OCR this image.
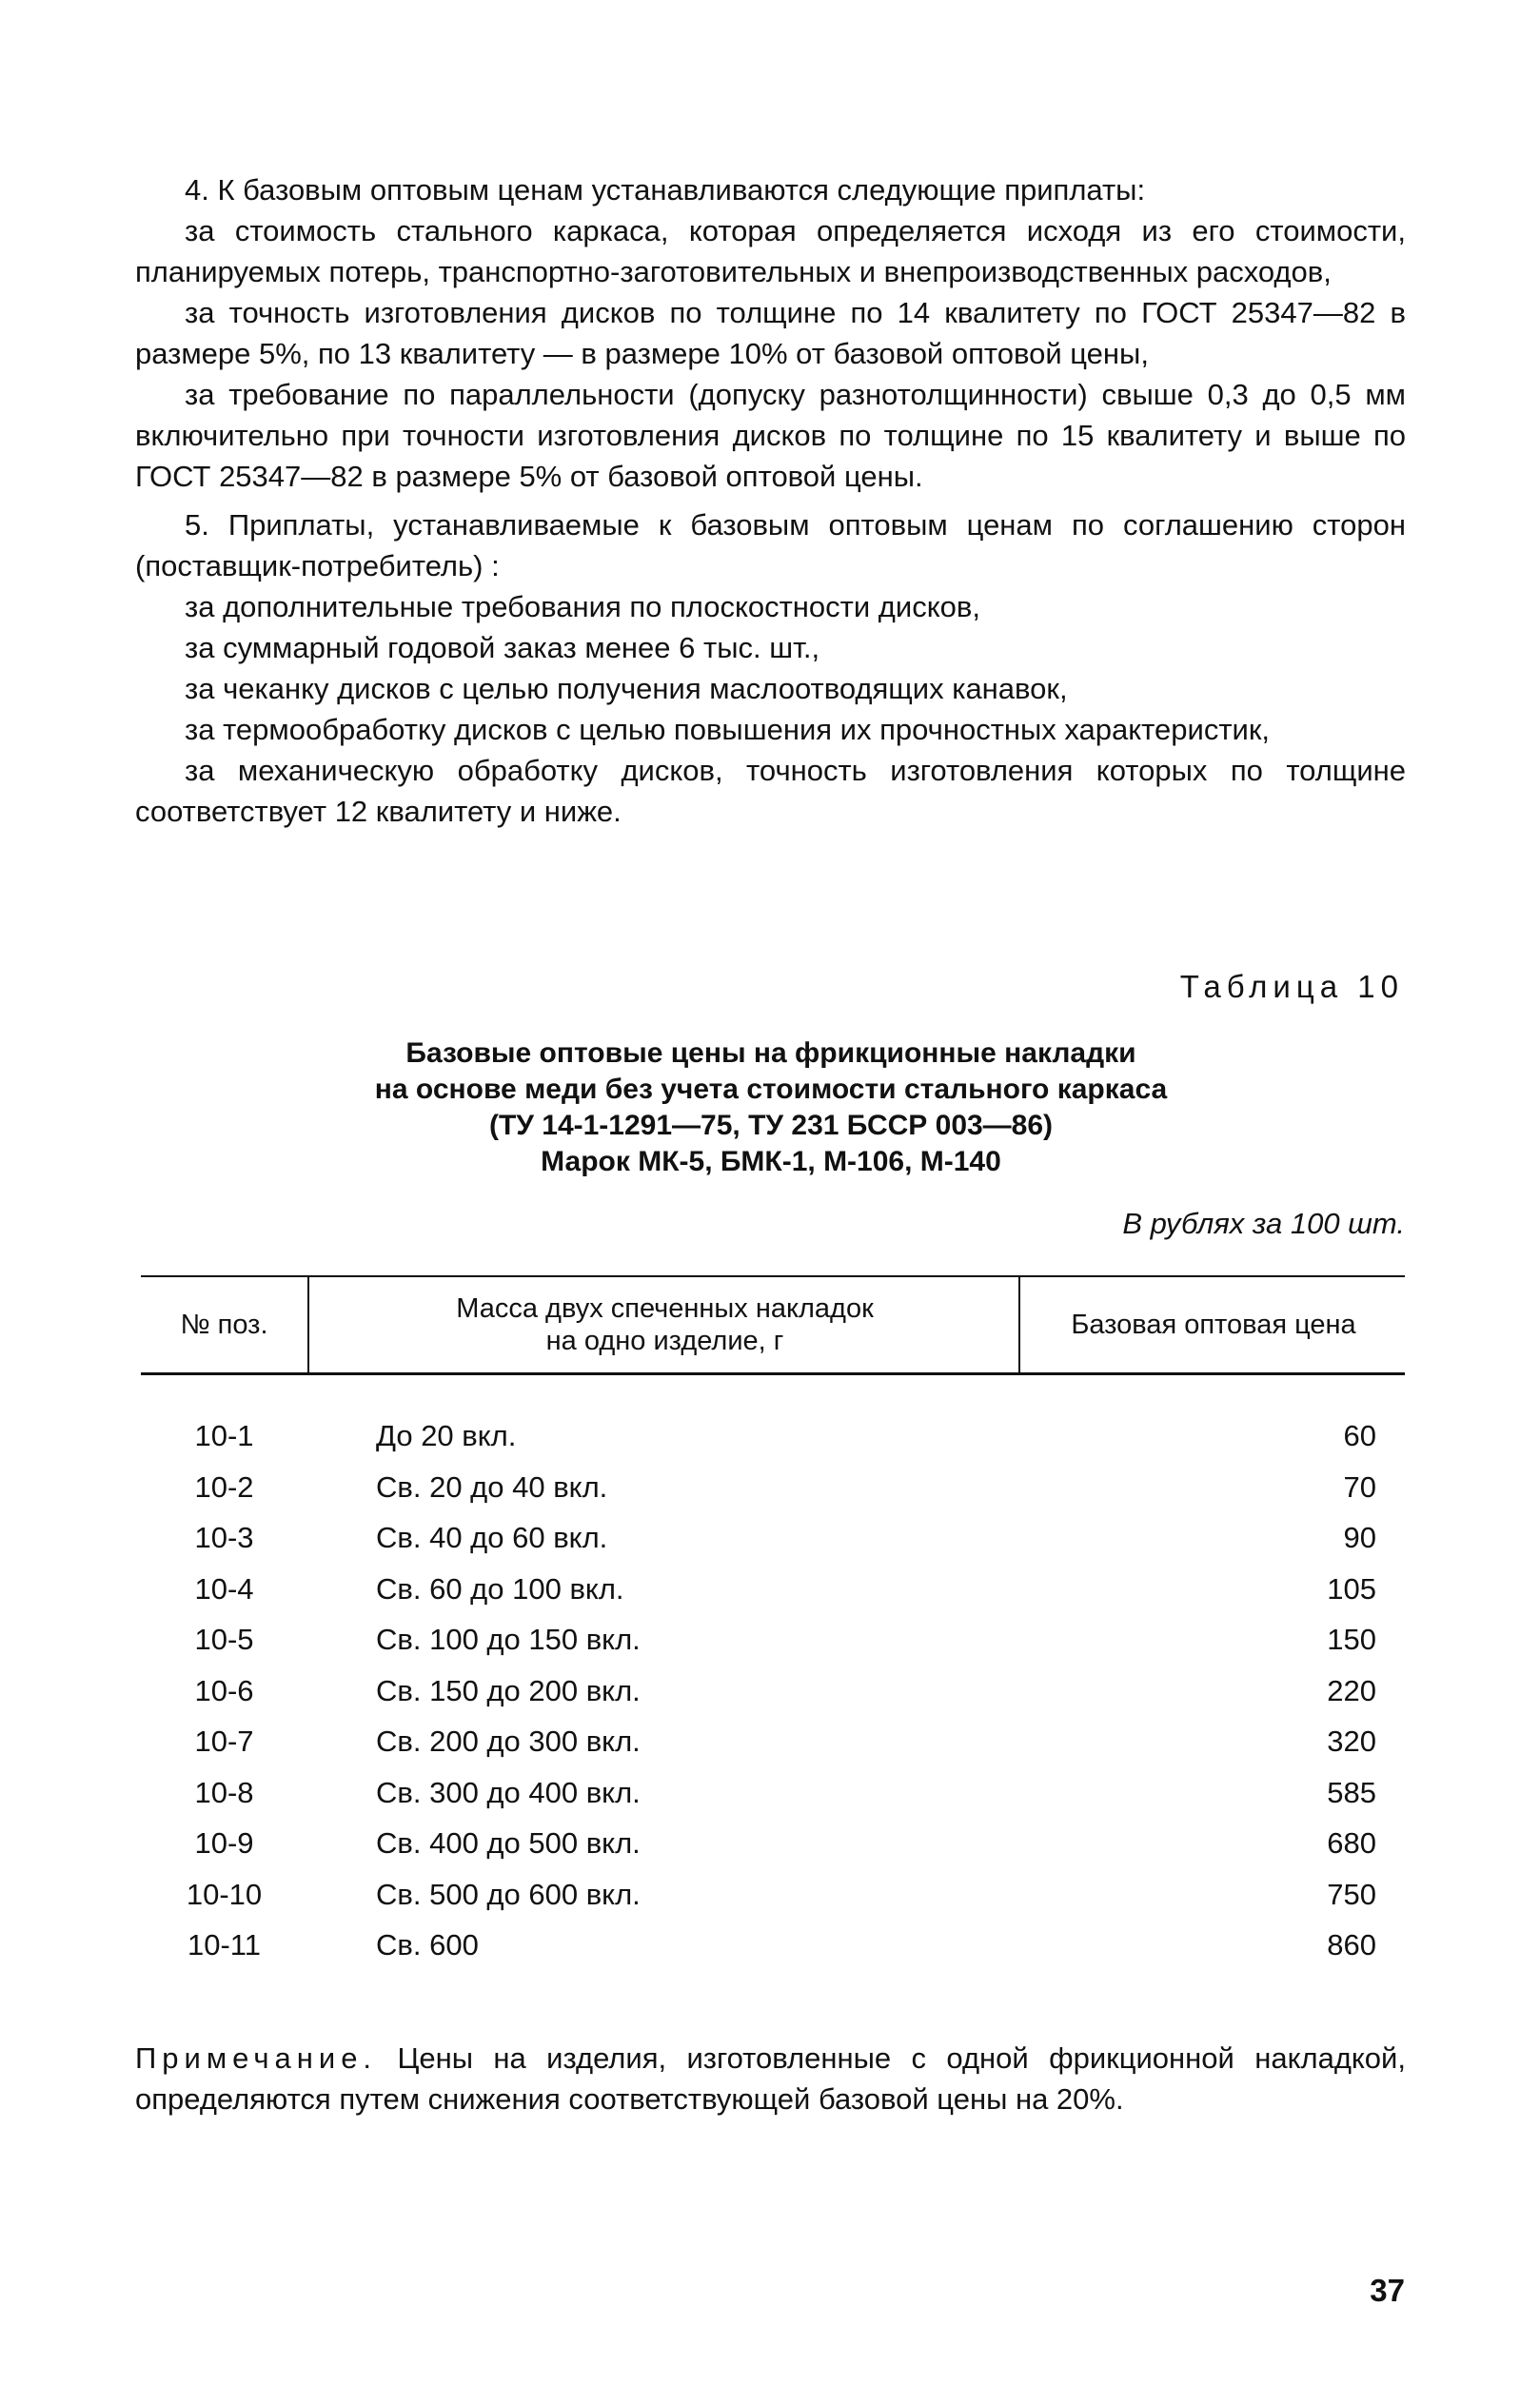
4. К базовым оптовым ценам устанавливаются следующие приплаты:

за стоимость стального каркаса, которая определяется исходя из его стоимости, планируемых потерь, транспортно-заготовительных и внепроизводственных расходов,

за точность изготовления дисков по толщине по 14 квалитету по ГОСТ 25347—82 в размере 5%, по 13 квалитету — в размере 10% от базовой оптовой цены,

за требование по параллельности (допуску разнотолщинности) свыше 0,3 до 0,5 мм включительно при точности изготовления дисков по толщине по 15 квалитету и выше по ГОСТ 25347—82 в размере 5% от базовой оптовой цены.

5. Приплаты, устанавливаемые к базовым оптовым ценам по соглашению сторон (поставщик-потребитель) :

за дополнительные требования по плоскостности дисков,

за суммарный годовой заказ менее 6 тыс. шт.,

за чеканку дисков с целью получения маслоотводящих канавок,

за термообработку дисков с целью повышения их прочностных характеристик,

за механическую обработку дисков, точность изготовления которых по толщине соответствует 12 квалитету и ниже.

Таблица 10
Базовые оптовые цены на фрикционные накладки
на основе меди без учета стоимости стального каркаса
(ТУ 14-1-1291—75, ТУ 231 БССР 003—86)
Марок МК-5, БМК-1, М-106, М-140
В рублях за 100 шт.
№ поз.
Масса двух спеченных накладок
на одно изделие, г
Базовая оптовая цена
10-1	До 20 вкл.	60
10-2	Св. 20 до 40 вкл.	70
10-3	Св. 40 до 60 вкл.	90
10-4	Св. 60 до 100 вкл.	105
10-5	Св. 100 до 150 вкл.	150
10-6	Св. 150 до 200 вкл.	220
10-7	Св. 200 до 300 вкл.	320
10-8	Св. 300 до 400 вкл.	585
10-9	Св. 400 до 500 вкл.	680
10-10	Св. 500 до 600 вкл.	750
10-11	Св. 600	860

Примечание. Цены на изделия, изготовленные с одной фрикционной накладкой, определяются путем снижения соответствующей базовой цены на 20%.

37
